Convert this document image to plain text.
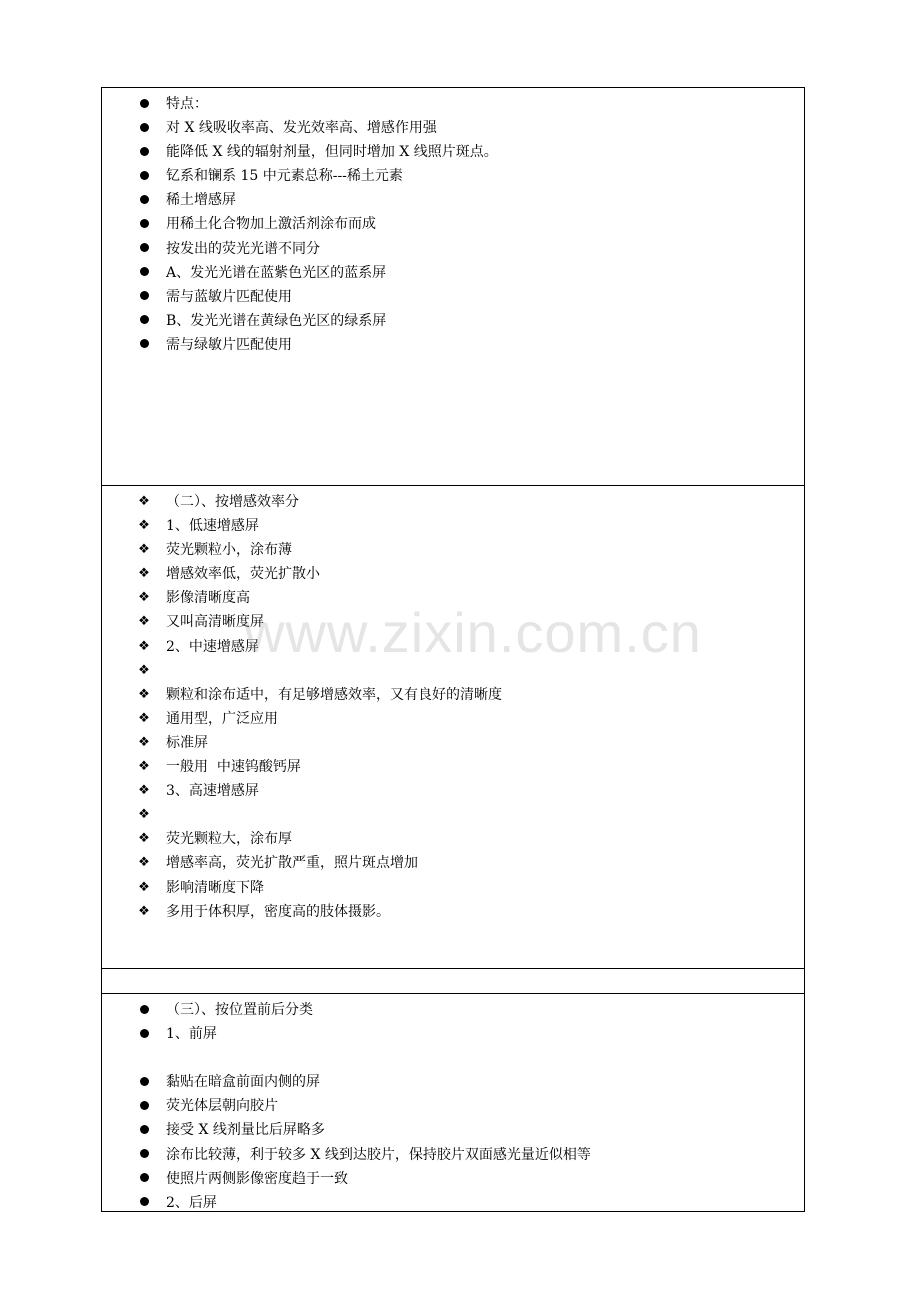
特点：
对 X 线吸收率高、发光效率高、增感作用强
能降低 X 线的辐射剂量，但同时增加 X 线照片斑点。
钇系和镧系 15 中元素总称---稀土元素
稀土增感屏
用稀土化合物加上激活剂涂布而成
按发出的荧光光谱不同分
A、发光光谱在蓝紫色光区的蓝系屏
需与蓝敏片匹配使用
B、发光光谱在黄绿色光区的绿系屏
需与绿敏片匹配使用
❖ （二）、按增感效率分
❖ 1、低速增感屏
❖ 荧光颗粒小，涂布薄
❖ 增感效率低，荧光扩散小
❖ 影像清晰度高
❖ 又叫高清晰度屏
❖ 2、中速增感屏
❖
❖ 颗粒和涂布适中，有足够增感效率，又有良好的清晰度
❖ 通用型，广泛应用
❖ 标准屏
❖ 一般用  中速钨酸钙屏
❖ 3、高速增感屏
❖
❖ 荧光颗粒大，涂布厚
❖ 增感率高，荧光扩散严重，照片斑点增加
❖ 影响清晰度下降
❖ 多用于体积厚，密度高的肢体摄影。
（三）、按位置前后分类
1、前屏
黏贴在暗盒前面内侧的屏
荧光体层朝向胶片
接受 X 线剂量比后屏略多
涂布比较薄，利于较多 X 线到达胶片，保持胶片双面感光量近似相等
使照片两侧影像密度趋于一致
2、后屏
www.zixin.com.cn
